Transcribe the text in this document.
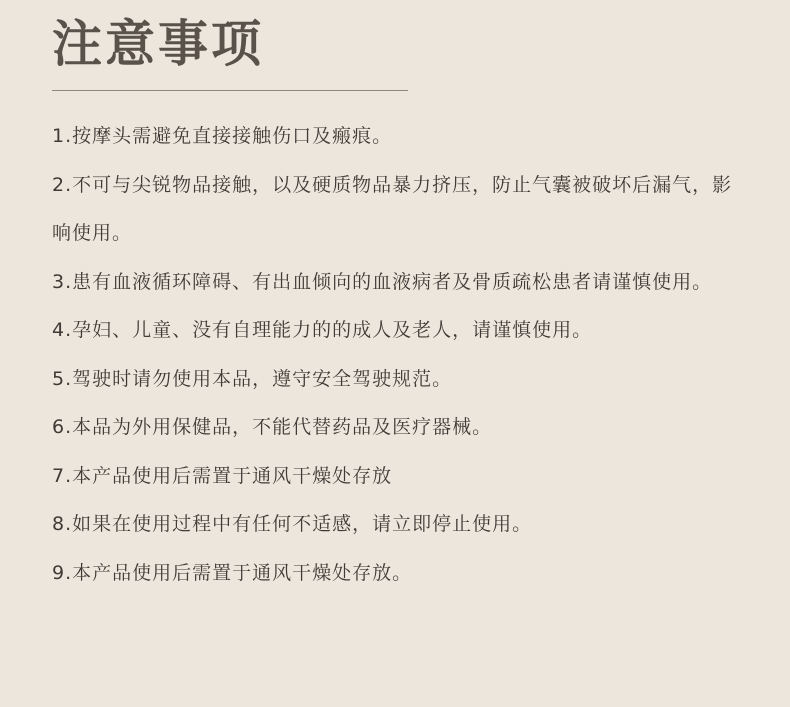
注意事项
1.按摩头需避免直接接触伤口及瘢痕。
2.不可与尖锐物品接触，以及硬质物品暴力挤压，防止气囊被破坏后漏气，影响使用。
3.患有血液循环障碍、有出血倾向的血液病者及骨质疏松患者请谨慎使用。
4.孕妇、儿童、没有自理能力的的成人及老人，请谨慎使用。
5.驾驶时请勿使用本品，遵守安全驾驶规范。
6.本品为外用保健品，不能代替药品及医疗器械。
7.本产品使用后需置于通风干燥处存放
8.如果在使用过程中有任何不适感，请立即停止使用。
9.本产品使用后需置于通风干燥处存放。
